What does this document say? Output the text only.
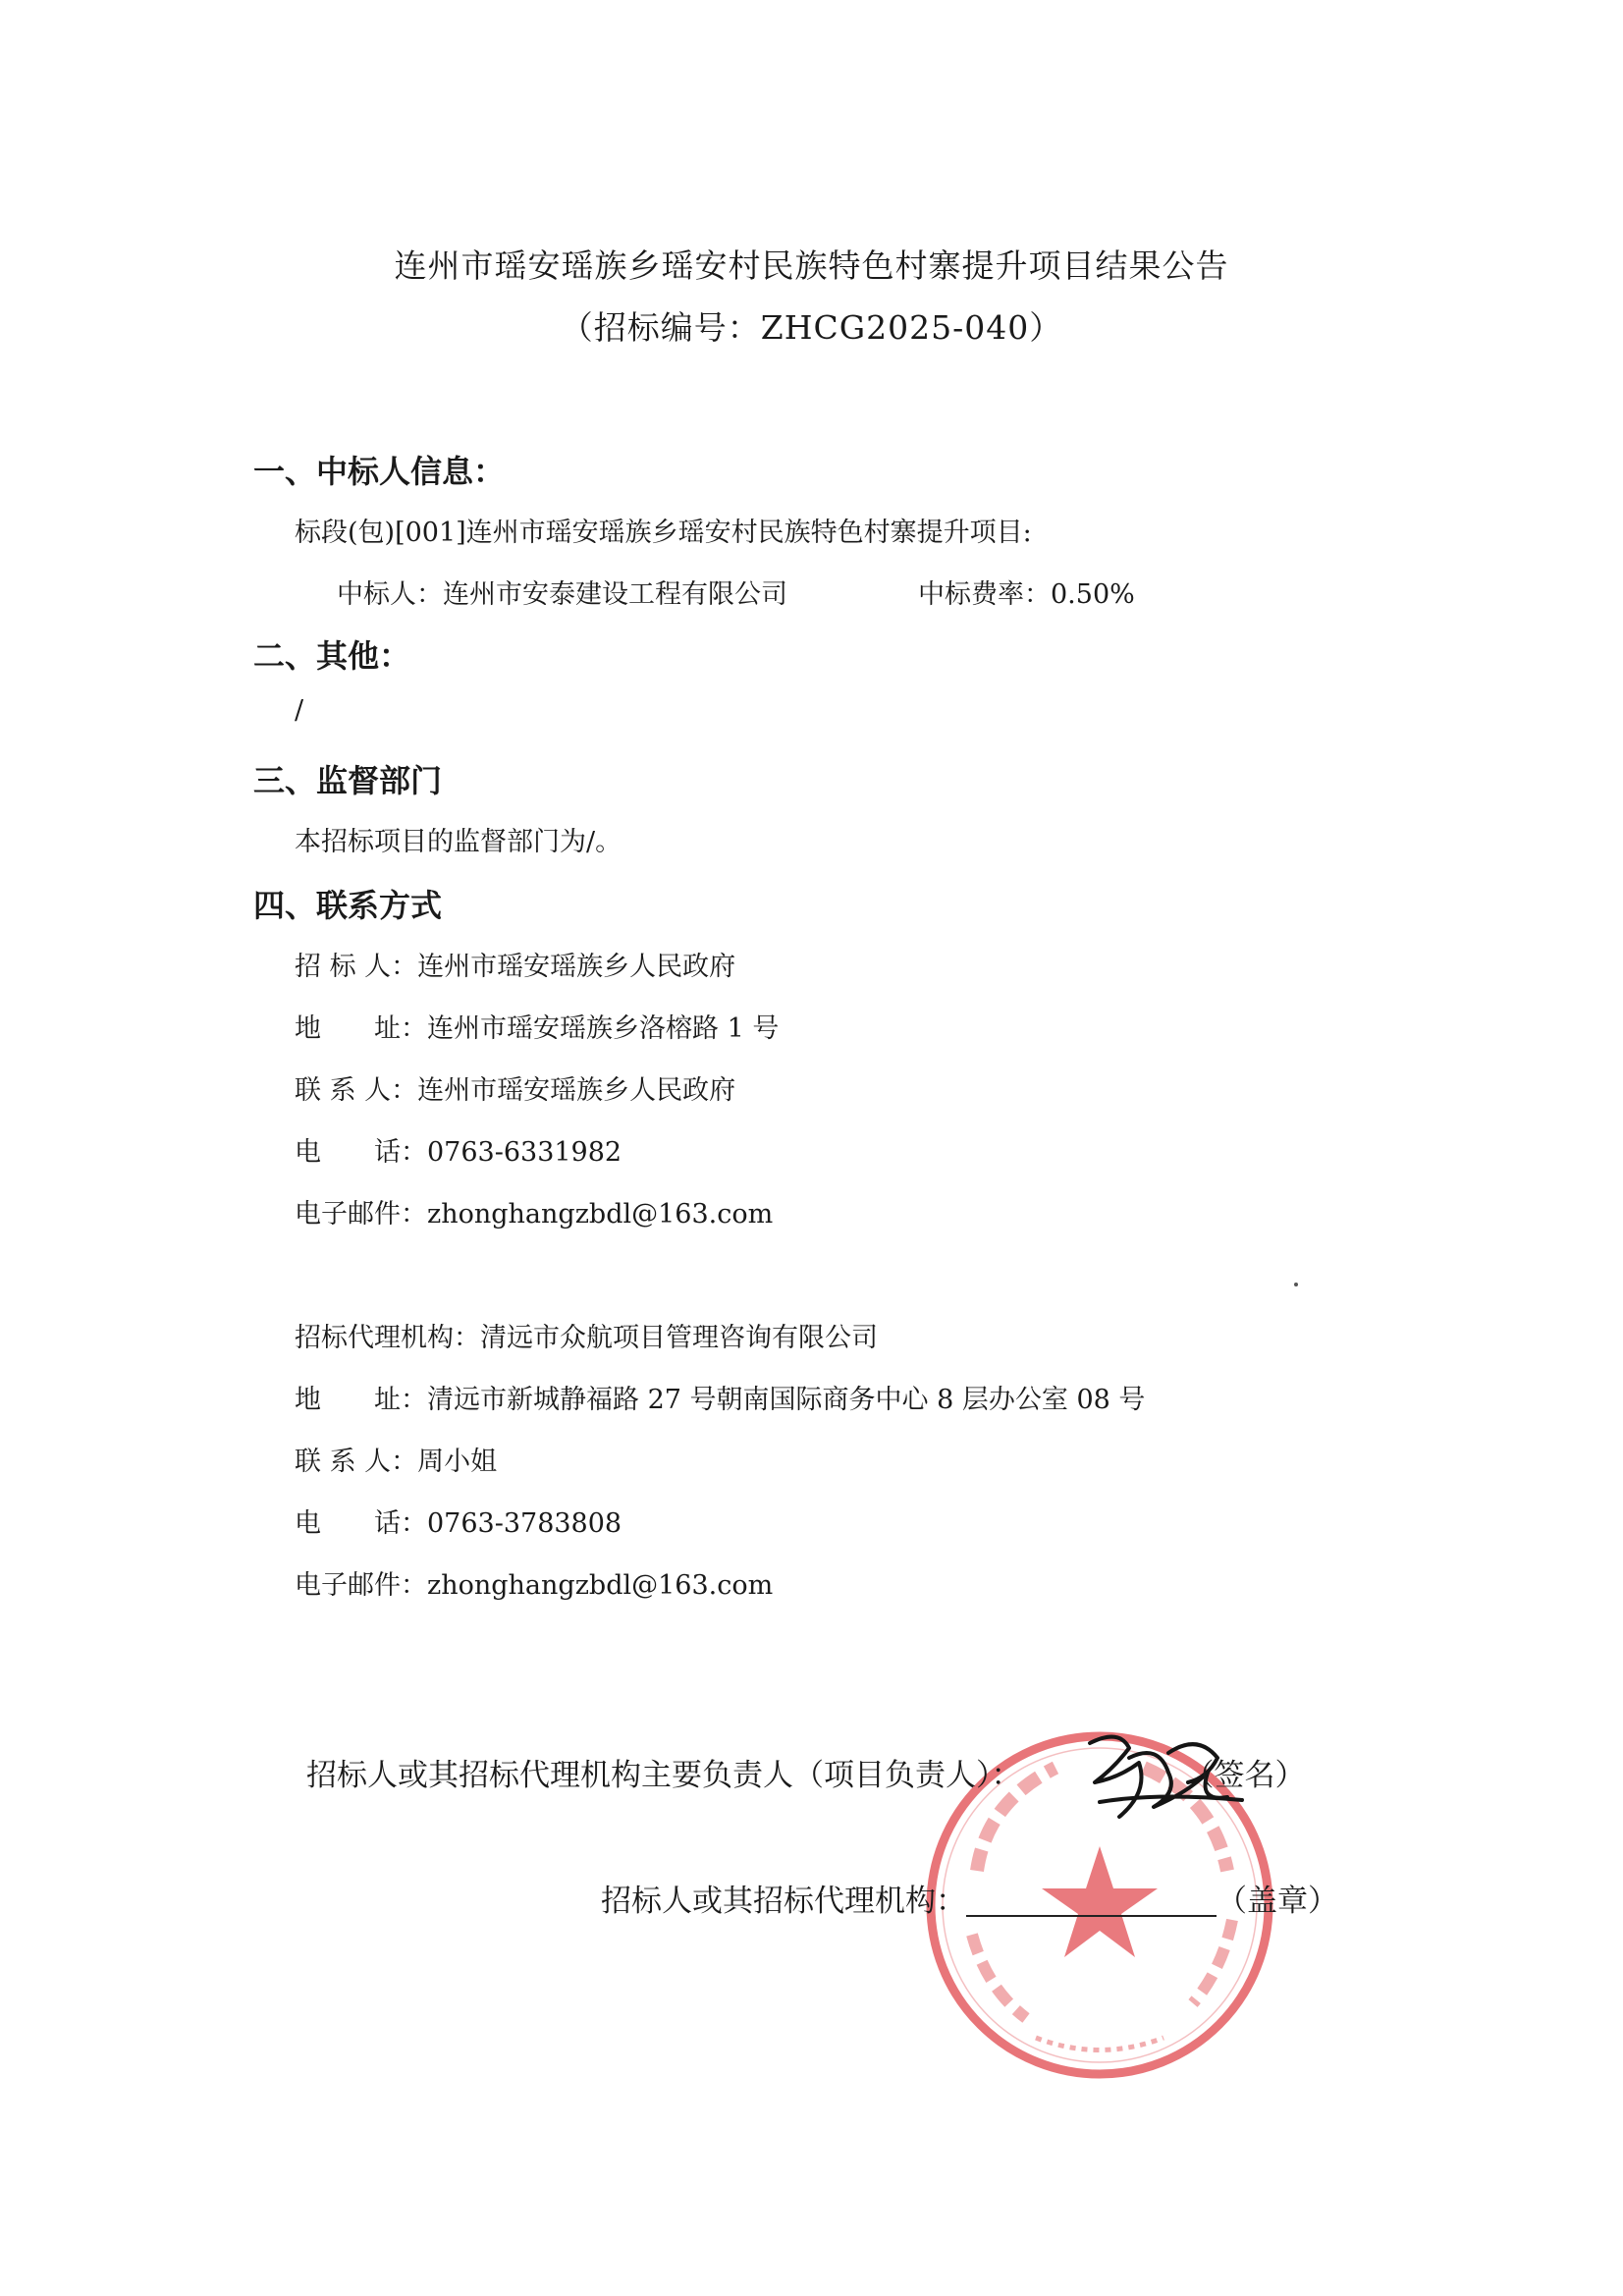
连州市瑶安瑶族乡瑶安村民族特色村寨提升项目结果公告
（招标编号：ZHCG2025-040）
一、中标人信息：
标段(包)[001]连州市瑶安瑶族乡瑶安村民族特色村寨提升项目:
中标人：连州市安泰建设工程有限公司	中标费率：0.50%
二、其他：
/
三、监督部门
本招标项目的监督部门为/。
四、联系方式
招 标 人：连州市瑶安瑶族乡人民政府
地　　址：连州市瑶安瑶族乡洛榕路 1 号
联 系 人：连州市瑶安瑶族乡人民政府
电　　话：0763-6331982
电子邮件：zhonghangzbdl@163.com
招标代理机构：清远市众航项目管理咨询有限公司
地　　址：清远市新城静福路 27 号朝南国际商务中心 8 层办公室 08 号
联 系 人：周小姐
电　　话：0763-3783808
电子邮件：zhonghangzbdl@163.com
招标人或其招标代理机构主要负责人（项目负责人）：	（签名）
招标人或其招标代理机构：	（盖章）
